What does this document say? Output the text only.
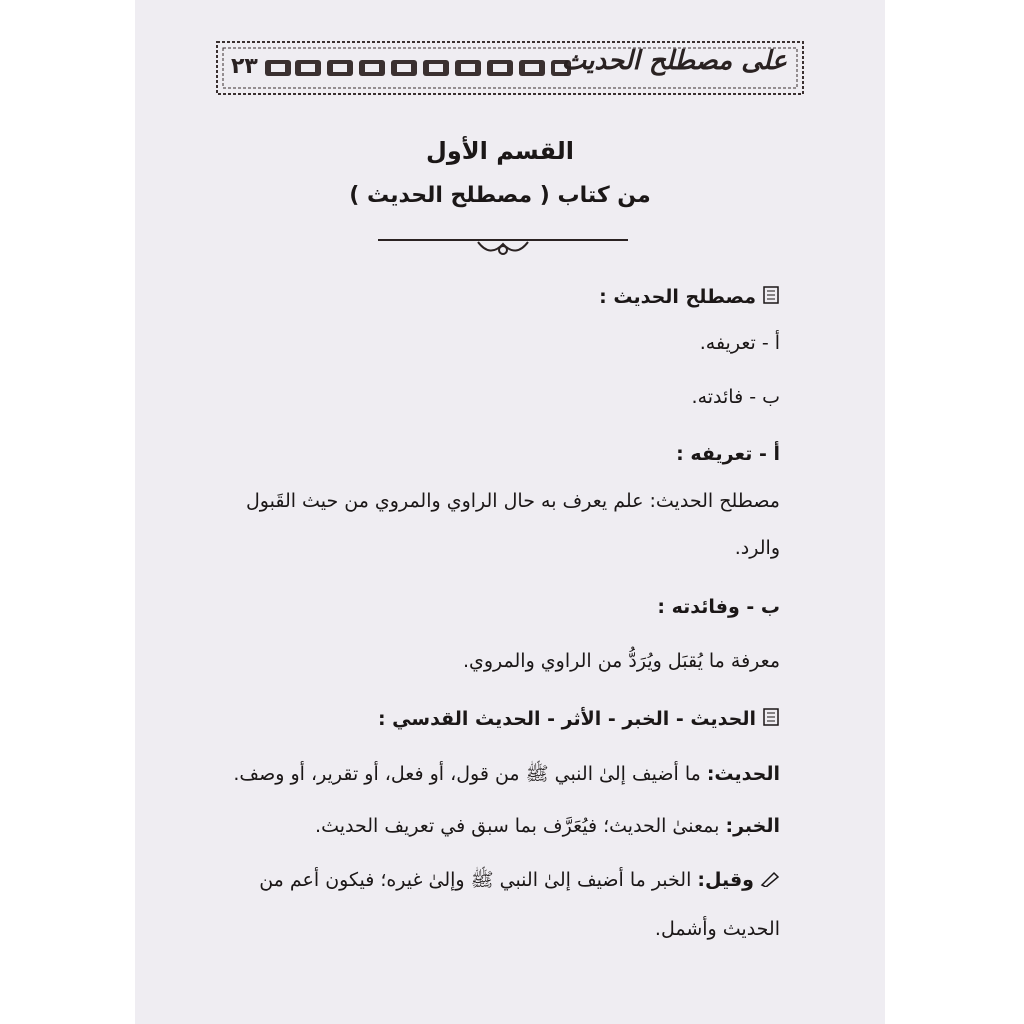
٢٣	على مصطلح الحديث
القسم الأول
من كتاب ( مصطلح الحديث )
مصطلح الحديث :
أ - تعريفه.
ب - فائدته.
أ - تعريفه :
مصطلح الحديث: علم يعرف به حال الراوي والمروي من حيث القَبول
والرد.
ب - وفائدته :
معرفة ما يُقبَل ويُرَدُّ من الراوي والمروي.
الحديث - الخبر - الأثر - الحديث القدسي :
الحديث: ما أضيف إلىٰ النبي ﷺ من قول، أو فعل، أو تقرير، أو وصف.
الخبر: بمعنىٰ الحديث؛ فيُعَرَّف بما سبق في تعريف الحديث.
وقيل: الخبر ما أضيف إلىٰ النبي ﷺ وإلىٰ غيره؛ فيكون أعم من
الحديث وأشمل.
